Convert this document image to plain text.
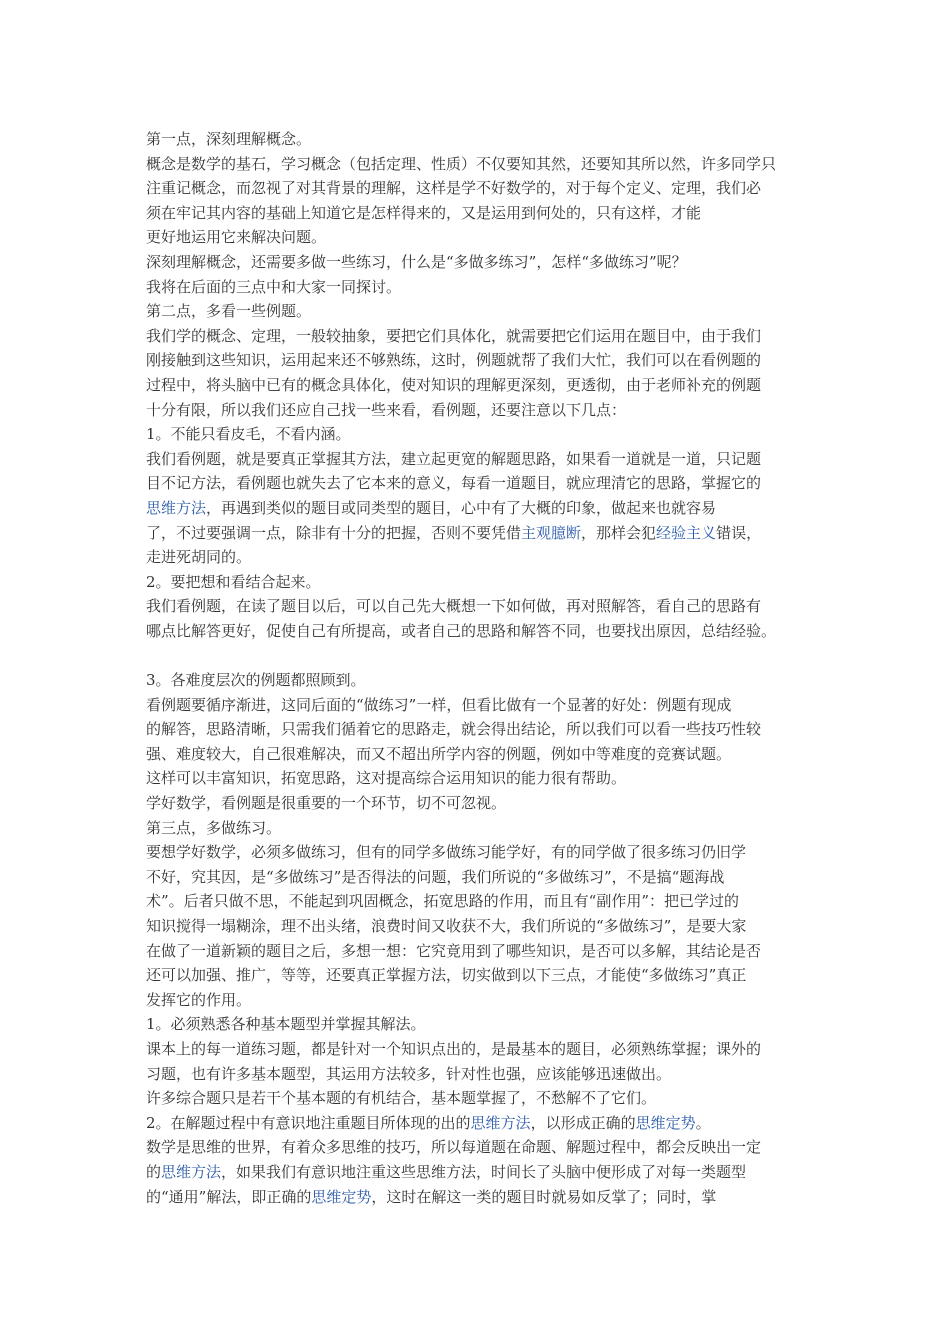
第一点，深刻理解概念。
概念是数学的基石，学习概念（包括定理、性质）不仅要知其然，还要知其所以然，许多同学只
注重记概念，而忽视了对其背景的理解，这样是学不好数学的，对于每个定义、定理，我们必
须在牢记其内容的基础上知道它是怎样得来的，又是运用到何处的，只有这样，才能
更好地运用它来解决问题。
深刻理解概念，还需要多做一些练习，什么是“多做多练习”，怎样“多做练习”呢？
我将在后面的三点中和大家一同探讨。
第二点，多看一些例题。
我们学的概念、定理，一般较抽象，要把它们具体化，就需要把它们运用在题目中，由于我们
刚接触到这些知识，运用起来还不够熟练，这时，例题就帮了我们大忙，我们可以在看例题的
过程中，将头脑中已有的概念具体化，使对知识的理解更深刻，更透彻，由于老师补充的例题
十分有限，所以我们还应自己找一些来看，看例题，还要注意以下几点：
1。不能只看皮毛，不看内涵。
我们看例题，就是要真正掌握其方法，建立起更宽的解题思路，如果看一道就是一道，只记题
目不记方法，看例题也就失去了它本来的意义，每看一道题目，就应理清它的思路，掌握它的
思维方法，再遇到类似的题目或同类型的题目，心中有了大概的印象，做起来也就容易
了，不过要强调一点，除非有十分的把握，否则不要凭借主观臆断，那样会犯经验主义错误，
走进死胡同的。
2。要把想和看结合起来。
我们看例题，在读了题目以后，可以自己先大概想一下如何做，再对照解答，看自己的思路有
哪点比解答更好，促使自己有所提高，或者自己的思路和解答不同，也要找出原因，总结经验。
3。各难度层次的例题都照顾到。
看例题要循序渐进，这同后面的“做练习”一样，但看比做有一个显著的好处：例题有现成
的解答，思路清晰，只需我们循着它的思路走，就会得出结论，所以我们可以看一些技巧性较
强、难度较大，自己很难解决，而又不超出所学内容的例题，例如中等难度的竞赛试题。
这样可以丰富知识，拓宽思路，这对提高综合运用知识的能力很有帮助。
学好数学，看例题是很重要的一个环节，切不可忽视。
第三点，多做练习。
要想学好数学，必须多做练习，但有的同学多做练习能学好，有的同学做了很多练习仍旧学
不好，究其因，是“多做练习”是否得法的问题，我们所说的“多做练习”，不是搞“题海战
术”。后者只做不思，不能起到巩固概念，拓宽思路的作用，而且有“副作用”：把已学过的
知识搅得一塌糊涂，理不出头绪，浪费时间又收获不大，我们所说的“多做练习”，是要大家
在做了一道新颖的题目之后，多想一想：它究竟用到了哪些知识，是否可以多解，其结论是否
还可以加强、推广，等等，还要真正掌握方法，切实做到以下三点，才能使“多做练习”真正
发挥它的作用。
1。必须熟悉各种基本题型并掌握其解法。
课本上的每一道练习题，都是针对一个知识点出的，是最基本的题目，必须熟练掌握；课外的
习题，也有许多基本题型，其运用方法较多，针对性也强，应该能够迅速做出。
许多综合题只是若干个基本题的有机结合，基本题掌握了，不愁解不了它们。
2。在解题过程中有意识地注重题目所体现的出的思维方法，以形成正确的思维定势。
数学是思维的世界，有着众多思维的技巧，所以每道题在命题、解题过程中，都会反映出一定
的思维方法，如果我们有意识地注重这些思维方法，时间长了头脑中便形成了对每一类题型
的“通用”解法，即正确的思维定势，这时在解这一类的题目时就易如反掌了；同时，掌
